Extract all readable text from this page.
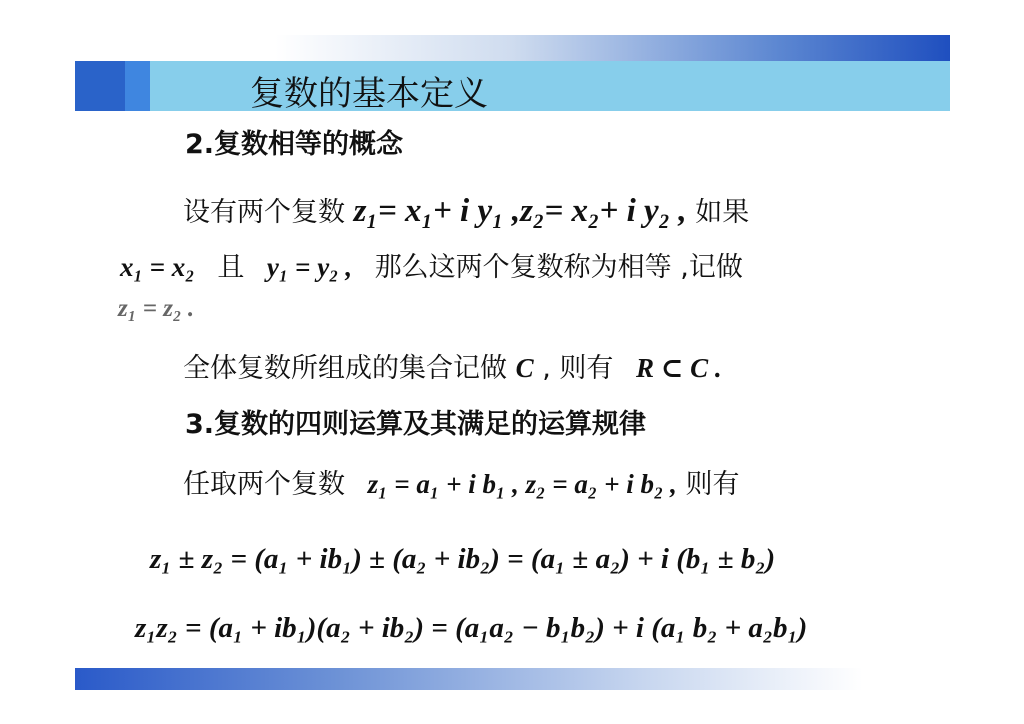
复数的基本定义
2.复数相等的概念
设有两个复数 z₁= x₁+ i y₁ ,z₂= x₂+ i y₂ , 如果
x₁ = x₂ 且 y₁ = y₂ , 那么这两个复数称为相等 ,记做
z₁ = z₂ .
全体复数所组成的集合记做 C , 则有 R ⊂ C .
3.复数的四则运算及其满足的运算规律
任取两个复数 z₁ = a₁ + i b₁ , z₂ = a₂ + i b₂ , 则有
z₁ ± z₂ = (a₁ + ib₁) ± (a₂ + ib₂) = (a₁ ± a₂) + i (b₁ ± b₂)
z₁z₂ = (a₁ + ib₁)(a₂ + ib₂) = (a₁a₂ − b₁b₂) + i (a₁ b₂ + a₂b₁)
